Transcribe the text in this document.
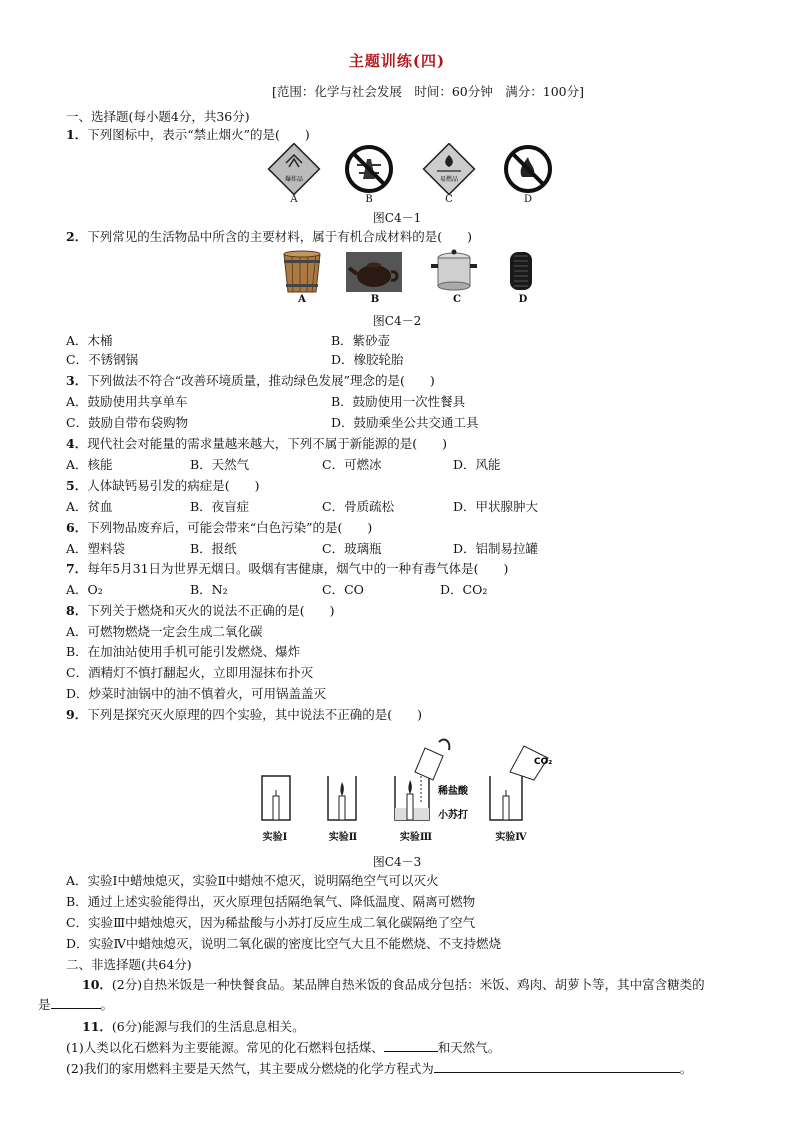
主题训练(四)
[范围：化学与社会发展　时间：60分钟　满分：100分]
一、选择题(每小题4分，共36分)
1．下列图标中，表示“禁止烟火”的是(　　)
爆炸品	易燃品
A	B	C	D
图C4－1
2．下列常见的生活物品中所含的主要材料，属于有机合成材料的是(　　)
A	B	C	D
图C4－2
A．木桶	B．紫砂壶
C．不锈钢锅	D．橡胶轮胎
3．下列做法不符合“改善环境质量，推动绿色发展”理念的是(　　)
A．鼓励使用共享单车	B．鼓励使用一次性餐具
C．鼓励自带布袋购物	D．鼓励乘坐公共交通工具
4．现代社会对能量的需求量越来越大，下列不属于新能源的是(　　)
A．核能	B．天然气	C．可燃冰	D．风能
5．人体缺钙易引发的病症是(　　)
A．贫血	B．夜盲症	C．骨质疏松	D．甲状腺肿大
6．下列物品废弃后，可能会带来“白色污染”的是(　　)
A．塑料袋	B．报纸	C．玻璃瓶	D．铝制易拉罐
7．每年5月31日为世界无烟日。吸烟有害健康，烟气中的一种有毒气体是(　　)
A．O₂	B．N₂	C．CO	D．CO₂
8．下列关于燃烧和灭火的说法不正确的是(　　)
A．可燃物燃烧一定会生成二氧化碳
B．在加油站使用手机可能引发燃烧、爆炸
C．酒精灯不慎打翻起火，立即用湿抹布扑灭
D．炒菜时油锅中的油不慎着火，可用锅盖盖灭
9．下列是探究灭火原理的四个实验，其中说法不正确的是(　　)
稀盐酸
小苏打
CO₂
实验Ⅰ	实验Ⅱ	实验Ⅲ	实验Ⅳ
图C4－3
A．实验Ⅰ中蜡烛熄灭，实验Ⅱ中蜡烛不熄灭，说明隔绝空气可以灭火
B．通过上述实验能得出，灭火原理包括隔绝氧气、降低温度、隔离可燃物
C．实验Ⅲ中蜡烛熄灭，因为稀盐酸与小苏打反应生成二氧化碳隔绝了空气
D．实验Ⅳ中蜡烛熄灭，说明二氧化碳的密度比空气大且不能燃烧、不支持燃烧
二、非选择题(共64分)
10．(2分)自热米饭是一种快餐食品。某品牌自热米饭的食品成分包括：米饭、鸡肉、胡萝卜等，其中富含糖类的
是	。
11．(6分)能源与我们的生活息息相关。
(1)人类以化石燃料为主要能源。常见的化石燃料包括煤、	和天然气。
(2)我们的家用燃料主要是天然气，其主要成分燃烧的化学方程式为	。
